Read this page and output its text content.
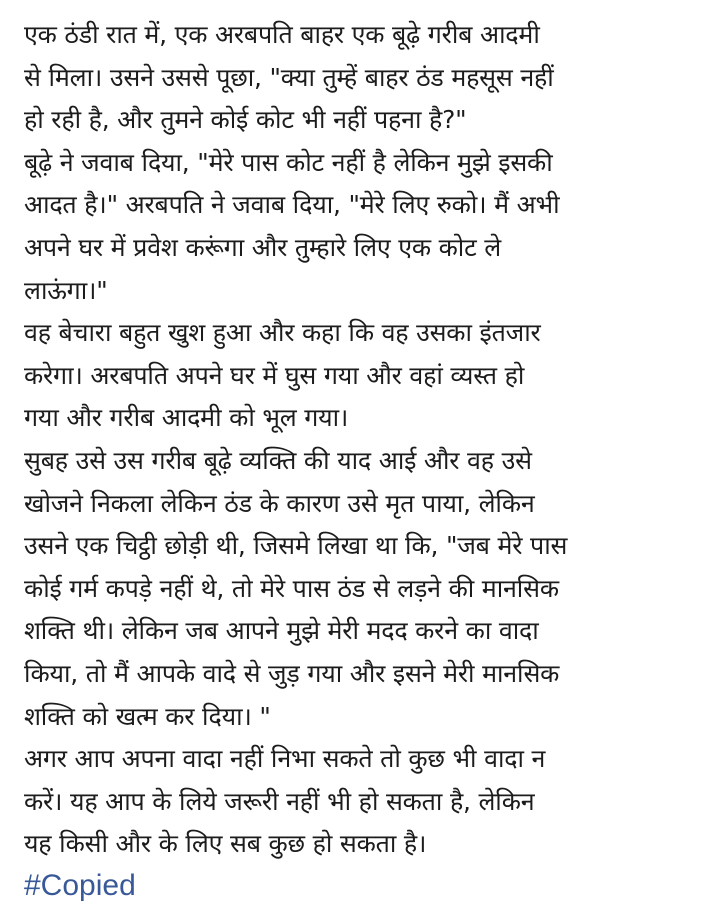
एक ठंडी रात में, एक अरबपति बाहर एक बूढ़े गरीब आदमी
से मिला। उसने उससे पूछा, "क्या तुम्हें बाहर ठंड महसूस नहीं
हो रही है, और तुमने कोई कोट भी नहीं पहना है?"
बूढ़े ने जवाब दिया, "मेरे पास कोट नहीं है लेकिन मुझे इसकी
आदत है।" अरबपति ने जवाब दिया, "मेरे लिए रुको। मैं अभी
अपने घर में प्रवेश करूंगा और तुम्हारे लिए एक कोट ले
लाऊंगा।"
वह बेचारा बहुत खुश हुआ और कहा कि वह उसका इंतजार
करेगा। अरबपति अपने घर में घुस गया और वहां व्यस्त हो
गया और गरीब आदमी को भूल गया।
सुबह उसे उस गरीब बूढ़े व्यक्ति की याद आई और वह उसे
खोजने निकला लेकिन ठंड के कारण उसे मृत पाया, लेकिन
उसने एक चिट्ठी छोड़ी थी, जिसमे लिखा था कि, "जब मेरे पास
कोई गर्म कपड़े नहीं थे, तो मेरे पास ठंड से लड़ने की मानसिक
शक्ति थी। लेकिन जब आपने मुझे मेरी मदद करने का वादा
किया, तो मैं आपके वादे से जुड़ गया और इसने मेरी मानसिक
शक्ति को खत्म कर दिया। "
अगर आप अपना वादा नहीं निभा सकते तो कुछ भी वादा न
करें। यह आप के लिये जरूरी नहीं भी हो सकता है, लेकिन
यह किसी और के लिए सब कुछ हो सकता है।
#Copied
